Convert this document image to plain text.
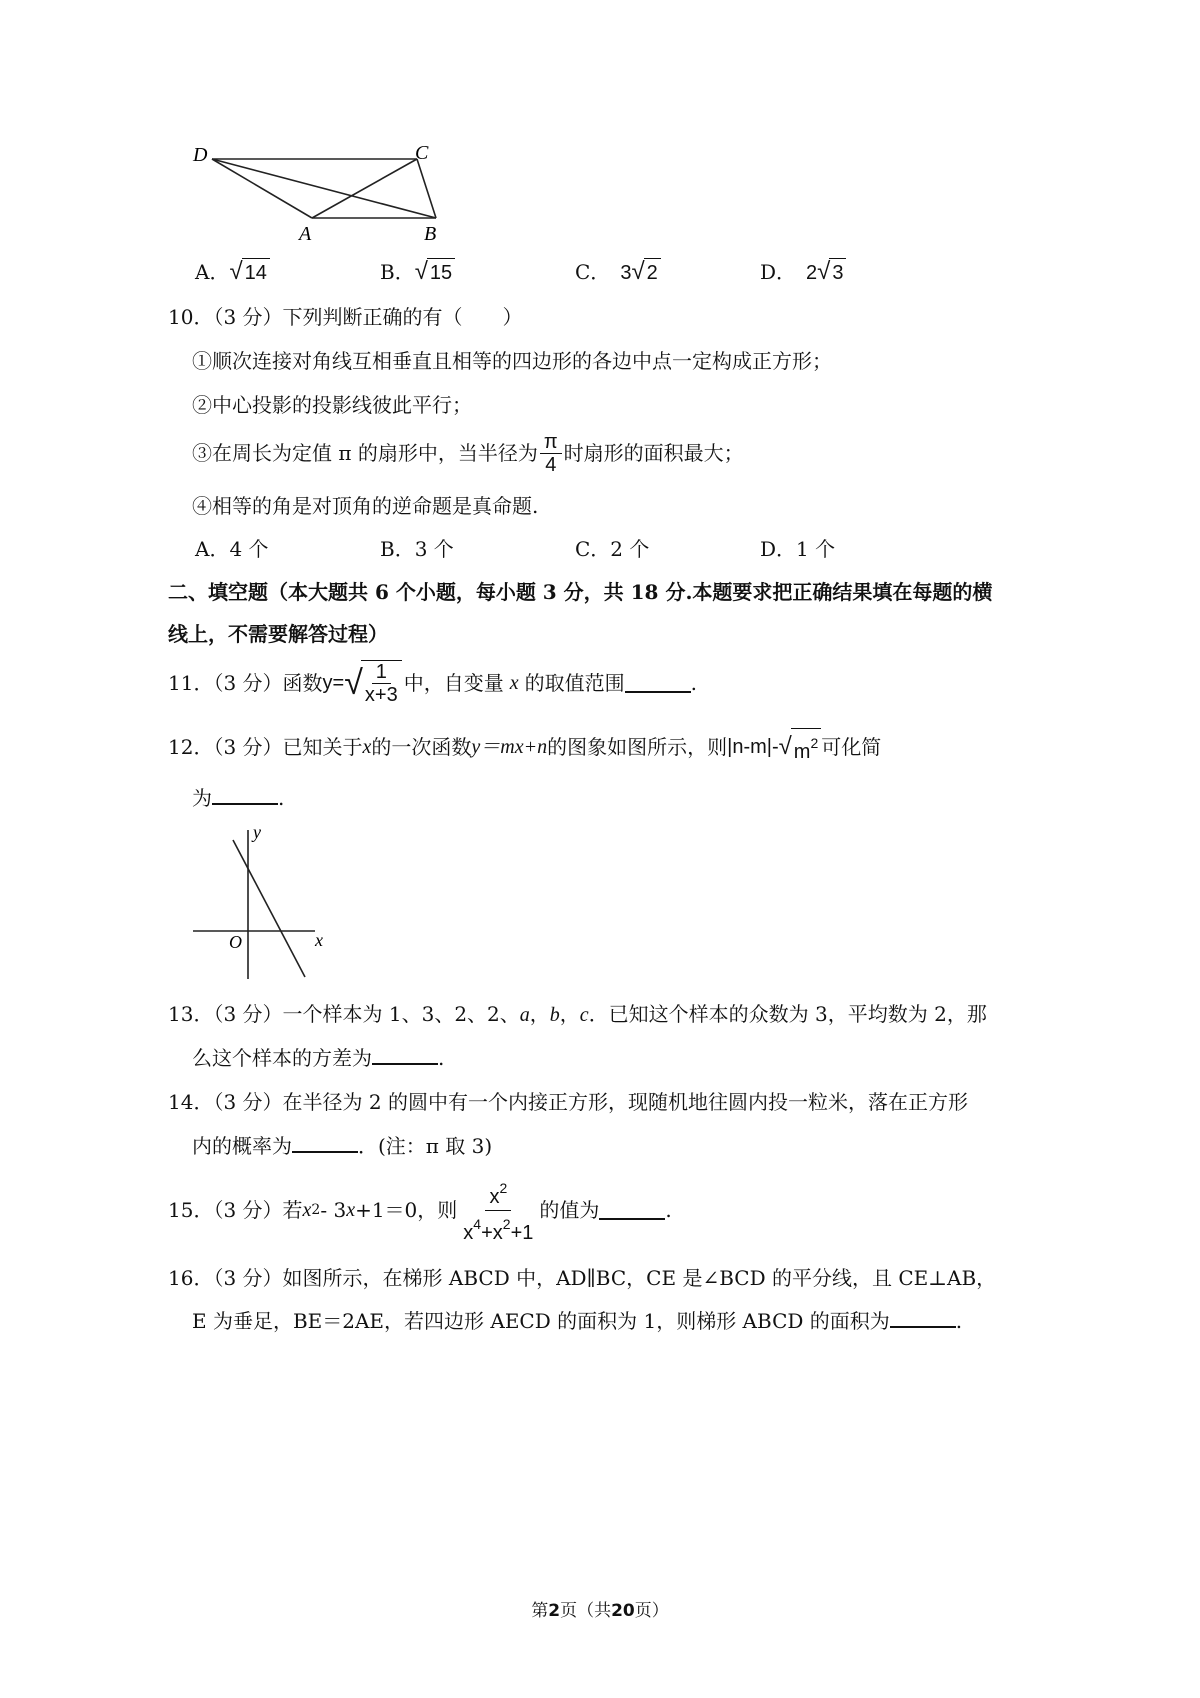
D	C
A	B
A．√ 14	B．√ 15	C． 3√ 2	D． 2√ 3
10．（3 分）下列判断正确的有（　　）
①顺次连接对角线互相垂直且相等的四边形的各边中点一定构成正方形；
②中心投影的投影线彼此平行；
③在周长为定值 π 的扇形中，当半径为 $\frac{\pi}{4}$ 时扇形的面积最大；
④相等的角是对顶角的逆命题是真命题.
A．4 个	B．3 个	C．2 个	D．1 个
二、填空题（本大题共 6 个小题，每小题 3 分，共 18 分.本题要求把正确结果填在每题的横
线上，不需要解答过程）
11．（3 分）函数 y= √
$\frac{1}{x+3}$ 中，自变量 x 的取值范围	.
12．（3 分）已知关于 x 的一次函数 y＝mx+n 的图象如图所示，则 |n-m|- √ $m^2$ 可化简
为	.
y
x
O
13．（3 分）一个样本为 1、3、2、2、a，b，c．已知这个样本的众数为 3，平均数为 2，那
么这个样本的方差为	.
14．（3 分）在半径为 2 的圆中有一个内接正方形，现随机地往圆内投一粒米，落在正方形
内的概率为	．(注：π 取 3)
15．（3 分）若 x 2 - 3 x +1＝0，则 $\frac{x^2}{x^4+x^2+1}$ 的值为	.
16．（3 分）如图所示，在梯形 ABCD 中，AD∥BC，CE 是∠BCD 的平分线，且 CE⊥AB，
E 为垂足，BE＝2AE，若四边形 AECD 的面积为 1，则梯形 ABCD 的面积为	.
第2页（共20页）
